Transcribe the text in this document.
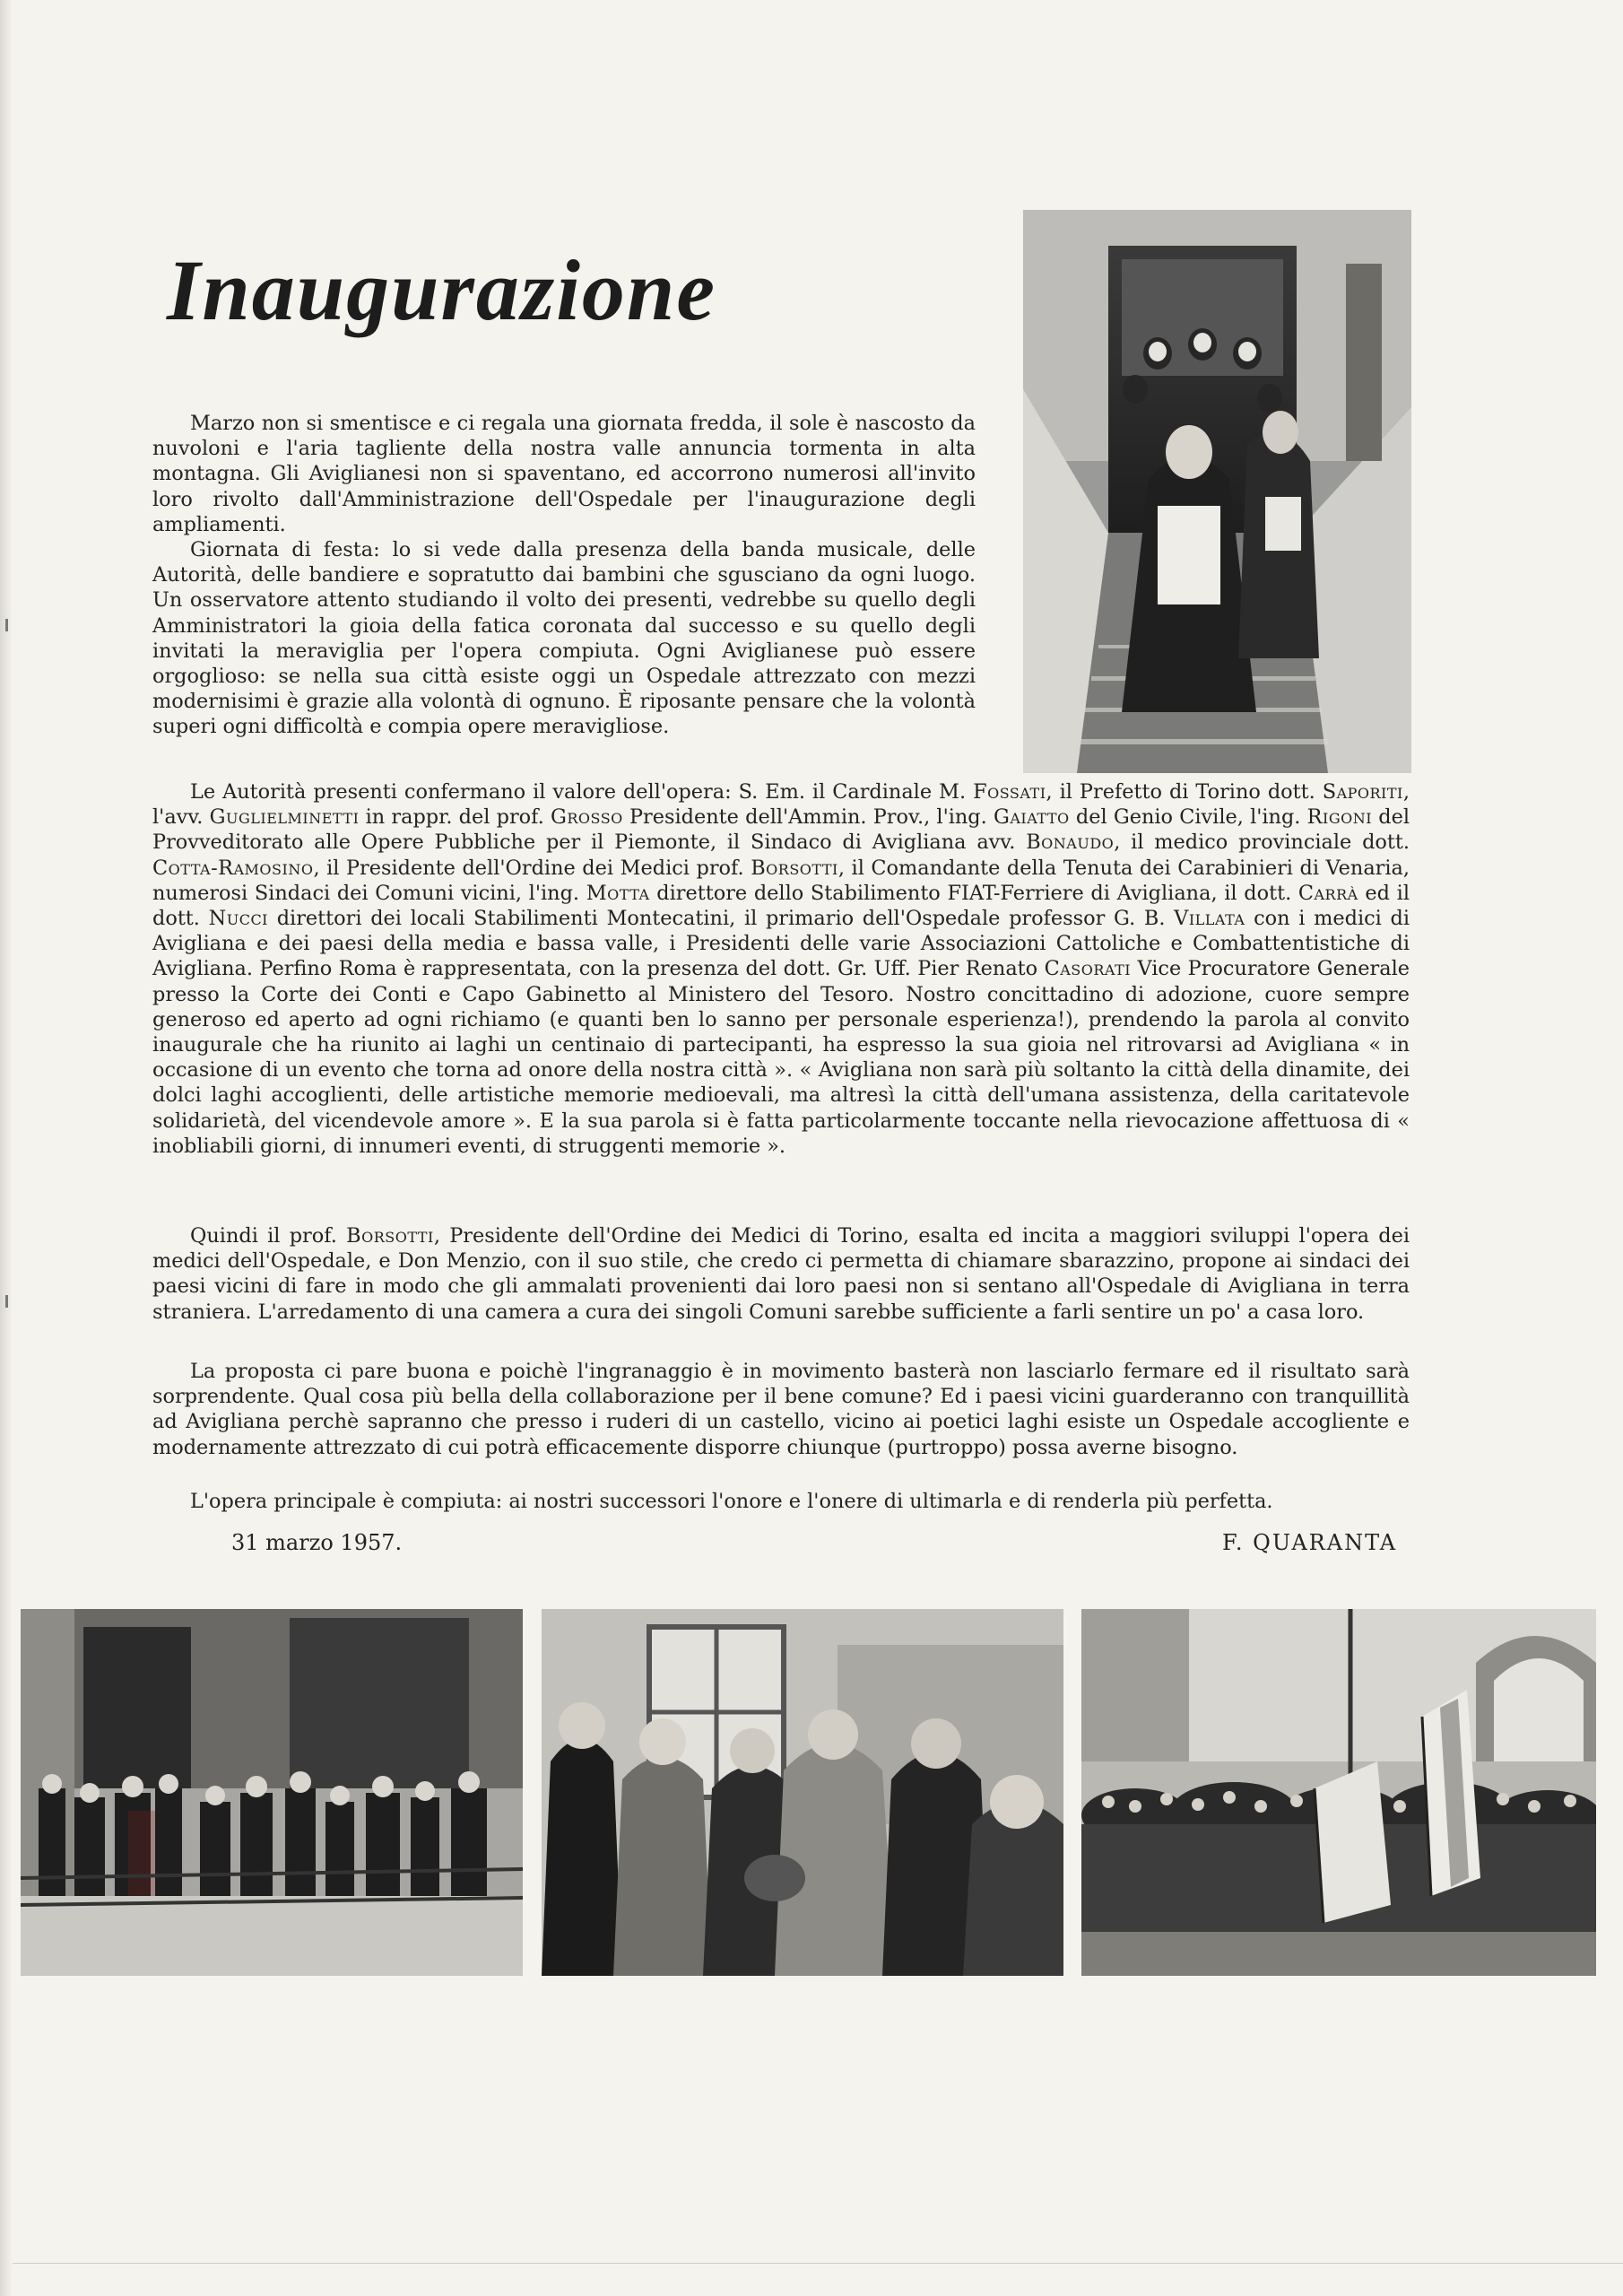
Inaugurazione

Marzo non si smentisce e ci regala una giornata fredda, il sole è nascosto da nuvoloni e l'aria tagliente della nostra valle annuncia tormenta in alta montagna. Gli Aviglianesi non si spaventano, ed accorrono numerosi all'invito loro rivolto dall'Amministrazione dell'Ospedale per l'inaugurazione degli ampliamenti.

Giornata di festa: lo si vede dalla presenza della banda musicale, delle Autorità, delle bandiere e sopratutto dai bambini che sgusciano da ogni luogo. Un osservatore attento studiando il volto dei presenti, vedrebbe su quello degli Amministratori la gioia della fatica coronata dal successo e su quello degli invitati la meraviglia per l'opera compiuta. Ogni Aviglianese può essere orgoglioso: se nella sua città esiste oggi un Ospedale attrezzato con mezzi modernisimi è grazie alla volontà di ognuno. È riposante pensare che la volontà superi ogni difficoltà e compia opere meravigliose.

Le Autorità presenti confermano il valore dell'opera: S. Em. il Cardinale M. Fossati, il Prefetto di Torino dott. Saporiti, l'avv. Guglielminetti in rappr. del prof. Grosso Presidente dell'Ammin. Prov., l'ing. Gaiatto del Genio Civile, l'ing. Rigoni del Provveditorato alle Opere Pubbliche per il Piemonte, il Sindaco di Avigliana avv. Bonaudo, il medico provinciale dott. Cotta-Ramosino, il Presidente dell'Ordine dei Medici prof. Borsotti, il Comandante della Tenuta dei Carabinieri di Venaria, numerosi Sindaci dei Comuni vicini, l'ing. Motta direttore dello Stabilimento FIAT-Ferriere di Avigliana, il dott. Carrà ed il dott. Nucci direttori dei locali Stabilimenti Montecatini, il primario dell'Ospedale professor G. B. Villata con i medici di Avigliana e dei paesi della media e bassa valle, i Presidenti delle varie Associazioni Cattoliche e Combattentistiche di Avigliana. Perfino Roma è rappresentata, con la presenza del dott. Gr. Uff. Pier Renato Casorati Vice Procuratore Generale presso la Corte dei Conti e Capo Gabinetto al Ministero del Tesoro. Nostro concittadino di adozione, cuore sempre generoso ed aperto ad ogni richiamo (e quanti ben lo sanno per personale esperienza!), prendendo la parola al convito inaugurale che ha riunito ai laghi un centinaio di partecipanti, ha espresso la sua gioia nel ritrovarsi ad Avigliana « in occasione di un evento che torna ad onore della nostra città ». « Avigliana non sarà più soltanto la città della dinamite, dei dolci laghi accoglienti, delle artistiche memorie medioevali, ma altresì la città dell'umana assistenza, della caritatevole solidarietà, del vicendevole amore ». E la sua parola si è fatta particolarmente toccante nella rievocazione affettuosa di « inobliabili giorni, di innumeri eventi, di struggenti memorie ».

Quindi il prof. Borsotti, Presidente dell'Ordine dei Medici di Torino, esalta ed incita a maggiori sviluppi l'opera dei medici dell'Ospedale, e Don Menzio, con il suo stile, che credo ci permetta di chiamare sbarazzino, propone ai sindaci dei paesi vicini di fare in modo che gli ammalati provenienti dai loro paesi non si sentano all'Ospedale di Avigliana in terra straniera. L'arredamento di una camera a cura dei singoli Comuni sarebbe sufficiente a farli sentire un po' a casa loro.

La proposta ci pare buona e poichè l'ingranaggio è in movimento basterà non lasciarlo fermare ed il risultato sarà sorprendente. Qual cosa più bella della collaborazione per il bene comune? Ed i paesi vicini guarderanno con tranquillità ad Avigliana perchè sapranno che presso i ruderi di un castello, vicino ai poetici laghi esiste un Ospedale accogliente e modernamente attrezzato di cui potrà efficacemente disporre chiunque (purtroppo) possa averne bisogno.

L'opera principale è compiuta: ai nostri successori l'onore e l'onere di ultimarla e di renderla più perfetta.

31 marzo 1957.	F. QUARANTA
